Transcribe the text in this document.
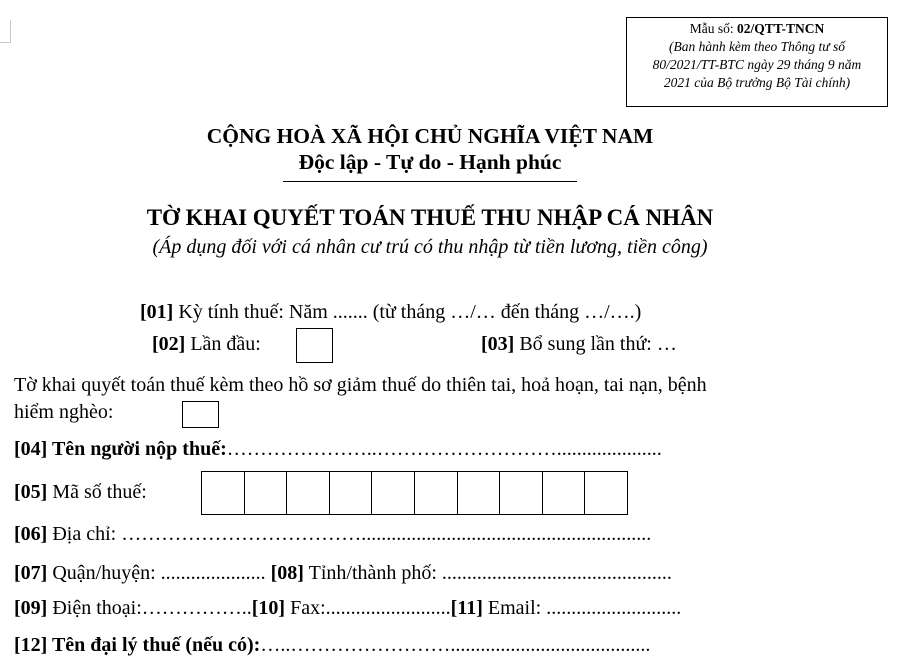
Mẫu số: 02/QTT-TNCN
(Ban hành kèm theo Thông tư số
80/2021/TT-BTC ngày 29 tháng 9 năm
2021 của Bộ trưởng Bộ Tài chính)
CỘNG HOÀ XÃ HỘI CHỦ NGHĨA VIỆT NAM
Độc lập - Tự do - Hạnh phúc
TỜ KHAI QUYẾT TOÁN THUẾ THU NHẬP CÁ NHÂN
(Áp dụng đối với cá nhân cư trú có thu nhập từ tiền lương, tiền công)
[01] Kỳ tính thuế: Năm ....... (từ tháng …/… đến tháng …/….)
[02] Lần đầu:	[03] Bổ sung lần thứ: …
Tờ khai quyết toán thuế kèm theo hồ sơ giảm thuế do thiên tai, hoả hoạn, tai nạn, bệnh
hiểm nghèo:
[04] Tên người nộp thuế:…………………..……………………….....................
[05] Mã số thuế:
[06] Địa chỉ: ………………………………..........................................................
[07] Quận/huyện: ..................... [08] Tỉnh/thành phố: ..............................................
[09] Điện thoại:……………..[10] Fax:.........................[11] Email: ...........................
[12] Tên đại lý thuế (nếu có):…..……………………........................................
